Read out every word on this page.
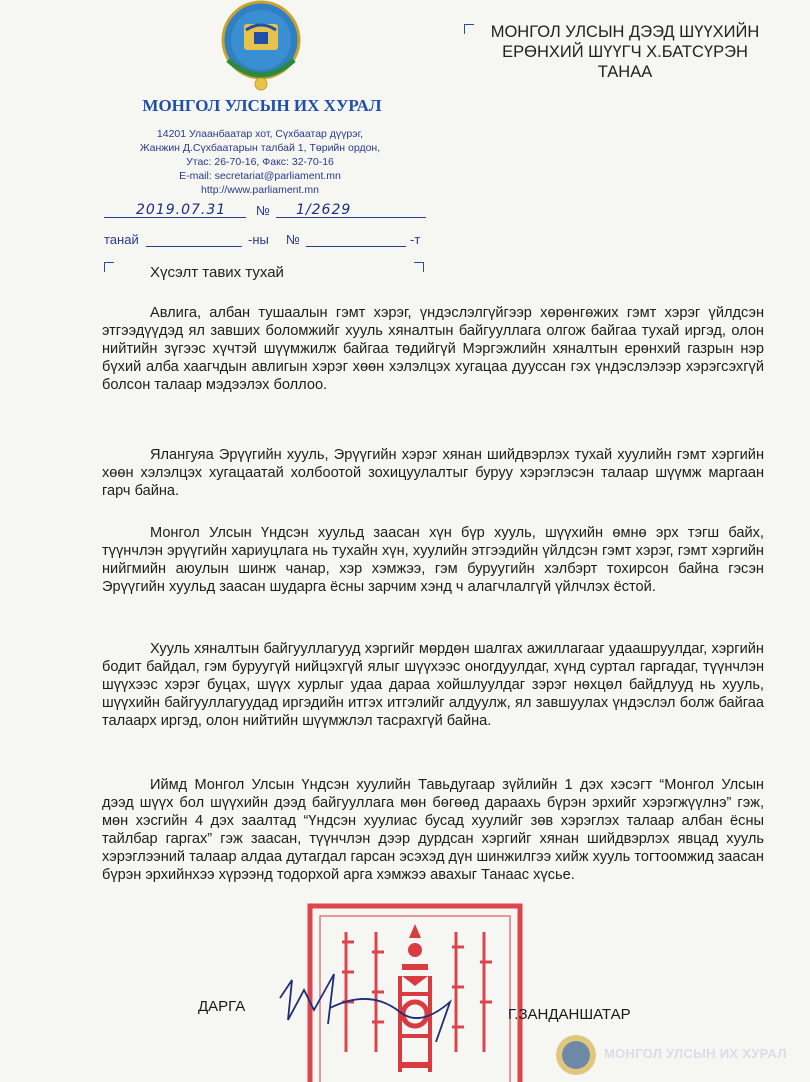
МОНГОЛ УЛСЫН ИХ ХУРАЛ
14201 Улаанбаатар хот, Сүхбаатар дүүрэг,
Жанжин Д.Сүхбаатарын талбай 1, Төрийн ордон,
Утас: 26-70-16, Факс: 32-70-16
E-mail: secretariat@parliament.mn
http://www.parliament.mn
МОНГОЛ УЛСЫН ДЭЭД ШҮҮХИЙН
ЕРӨНХИЙ ШҮҮГЧ Х.БАТСҮРЭН
ТАНАА
2019.07.31 № 1/2629
танай	-ны №	-т
Хүсэлт тавих тухай

Авлига, албан тушаалын гэмт хэрэг, үндэслэлгүйгээр хөрөнгөжих гэмт хэрэг үйлдсэн этгээдүүдэд ял завших боломжийг хууль хяналтын байгууллага олгож байгаа тухай иргэд, олон нийтийн зүгээс хүчтэй шүүмжилж байгаа төдийгүй Мэргэжлийн хяналтын ерөнхий газрын нэр бүхий алба хаагчдын авлигын хэрэг хөөн хэлэлцэх хугацаа дууссан гэх үндэслэлээр хэрэгсэхгүй болсон талаар мэдээлэх боллоо.

Ялангуяа Эрүүгийн хууль, Эрүүгийн хэрэг хянан шийдвэрлэх тухай хуулийн гэмт хэргийн хөөн хэлэлцэх хугацаатай холбоотой зохицуулалтыг буруу хэрэглэсэн талаар шүүмж маргаан гарч байна.

Монгол Улсын Үндсэн хуульд заасан хүн бүр хууль, шүүхийн өмнө эрх тэгш байх, түүнчлэн эрүүгийн хариуцлага нь тухайн хүн, хуулийн этгээдийн үйлдсэн гэмт хэрэг, гэмт хэргийн нийгмийн аюулын шинж чанар, хэр хэмжээ, гэм буруугийн хэлбэрт тохирсон байна гэсэн Эрүүгийн хуульд заасан шударга ёсны зарчим хэнд ч алагчлалгүй үйлчлэх ёстой.

Хууль хяналтын байгууллагууд хэргийг мөрдөн шалгах ажиллагааг удаашруулдаг, хэргийн бодит байдал, гэм буруугүй нийцэхгүй ялыг шүүхээс оногдуулдаг, хүнд суртал гаргадаг, түүнчлэн шүүхээс хэрэг буцах, шүүх хурлыг удаа дараа хойшлуулдаг зэрэг нөхцөл байдлууд нь хууль, шүүхийн байгууллагуудад иргэдийн итгэх итгэлийг алдуулж, ял завшуулах үндэслэл болж байгаа талаарх иргэд, олон нийтийн шүүмжлэл тасрахгүй байна.

Иймд Монгол Улсын Үндсэн хуулийн Тавьдугаар зүйлийн 1 дэх хэсэгт “Монгол Улсын дээд шүүх бол шүүхийн дээд байгууллага мөн бөгөөд дараахь бүрэн эрхийг хэрэгжүүлнэ” гэж, мөн хэсгийн 4 дэх заалтад “Үндсэн хуулиас бусад хуулийг зөв хэрэглэх талаар албан ёсны тайлбар гаргах” гэж заасан, түүнчлэн дээр дурдсан хэргийг хянан шийдвэрлэх явцад хууль хэрэглээний талаар алдаа дутагдал гарсан эсэхэд дүн шинжилгээ хийж хууль тогтоомжид заасан бүрэн эрхийнхээ хүрээнд тодорхой арга хэмжээ авахыг Танаас хүсье.

ДАРГА	Г.ЗАНДАНШАТАР
МОНГОЛ УЛСЫН ИХ ХУРАЛ
